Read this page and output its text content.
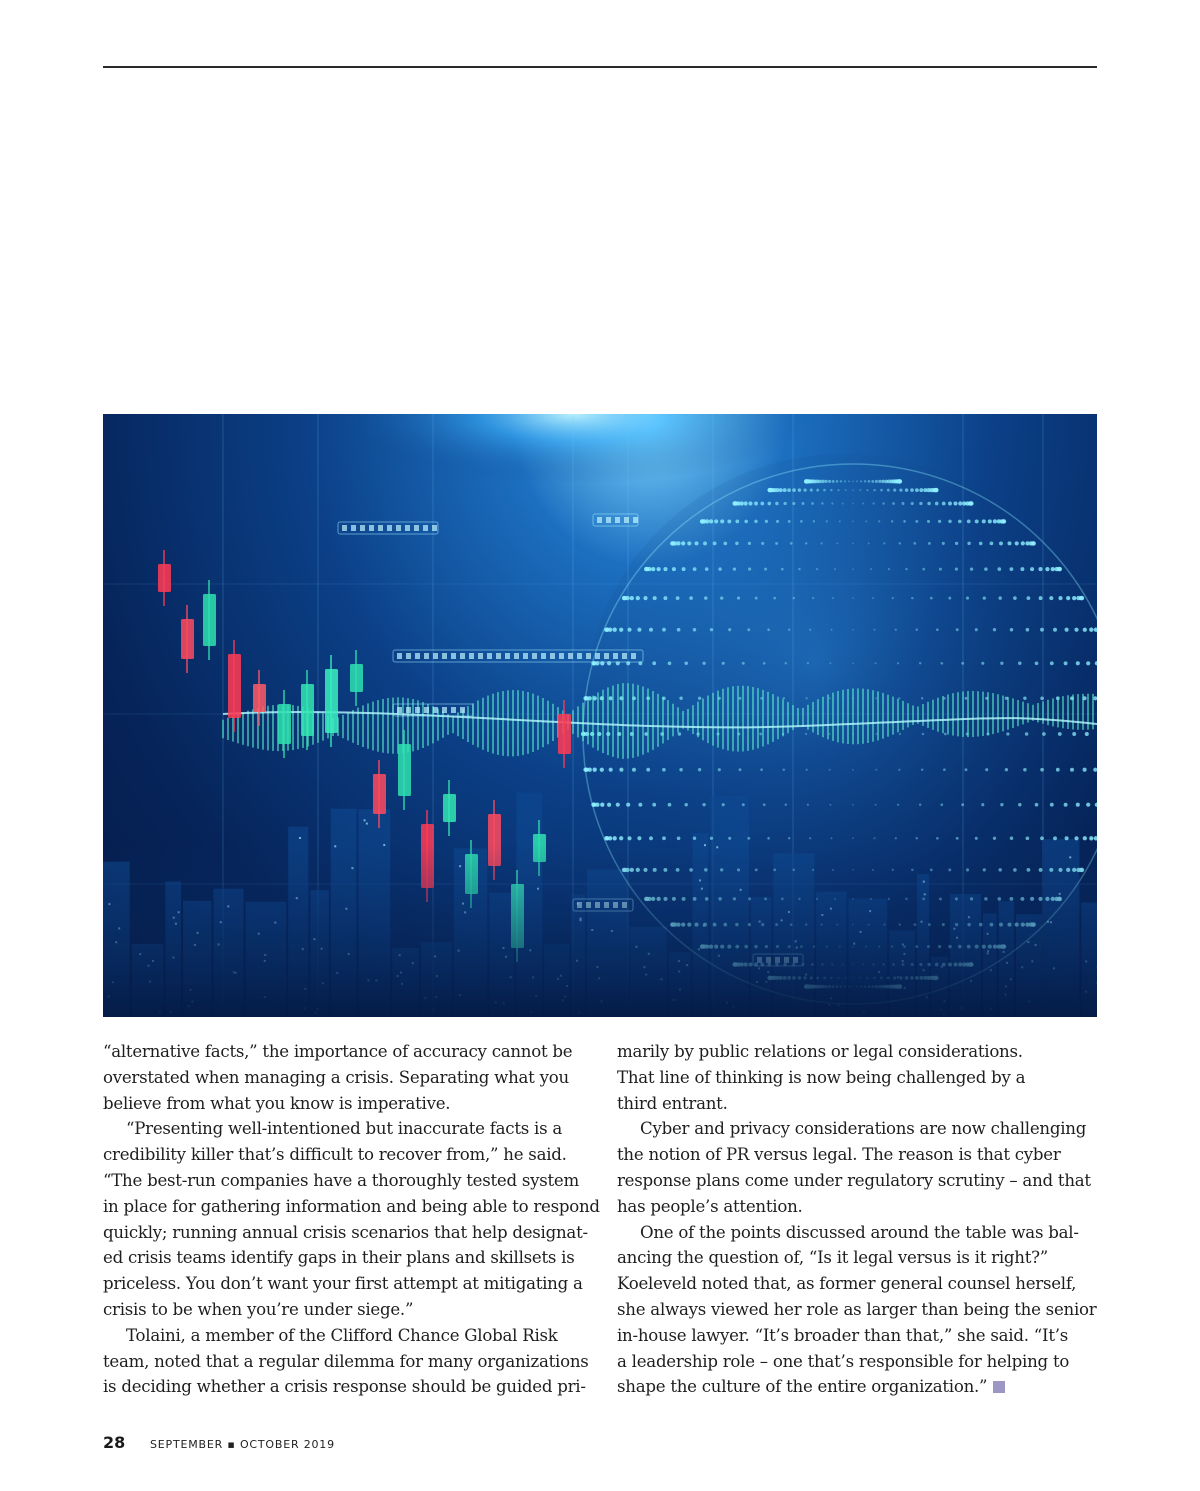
“alternative facts,” the importance of accuracy cannot be
overstated when managing a crisis. Separating what you
believe from what you know is imperative.
“Presenting well-intentioned but inaccurate facts is a
credibility killer that’s difficult to recover from,” he said.
“The best-run companies have a thoroughly tested system
in place for gathering information and being able to respond
quickly; running annual crisis scenarios that help designat-
ed crisis teams identify gaps in their plans and skillsets is
priceless. You don’t want your first attempt at mitigating a
crisis to be when you’re under siege.”
Tolaini, a member of the Clifford Chance Global Risk
team, noted that a regular dilemma for many organizations
is deciding whether a crisis response should be guided pri-
marily by public relations or legal considerations.
That line of thinking is now being challenged by a
third entrant.
Cyber and privacy considerations are now challenging
the notion of PR versus legal. The reason is that cyber
response plans come under regulatory scrutiny – and that
has people’s attention.
One of the points discussed around the table was bal-
ancing the question of, “Is it legal versus is it right?”
Koeleveld noted that, as former general counsel herself,
she always viewed her role as larger than being the senior
in-house lawyer. “It’s broader than that,” she said. “It’s
a leadership role – one that’s responsible for helping to
shape the culture of the entire organization.”
28 SEPTEMBER ▪ OCTOBER 2019
